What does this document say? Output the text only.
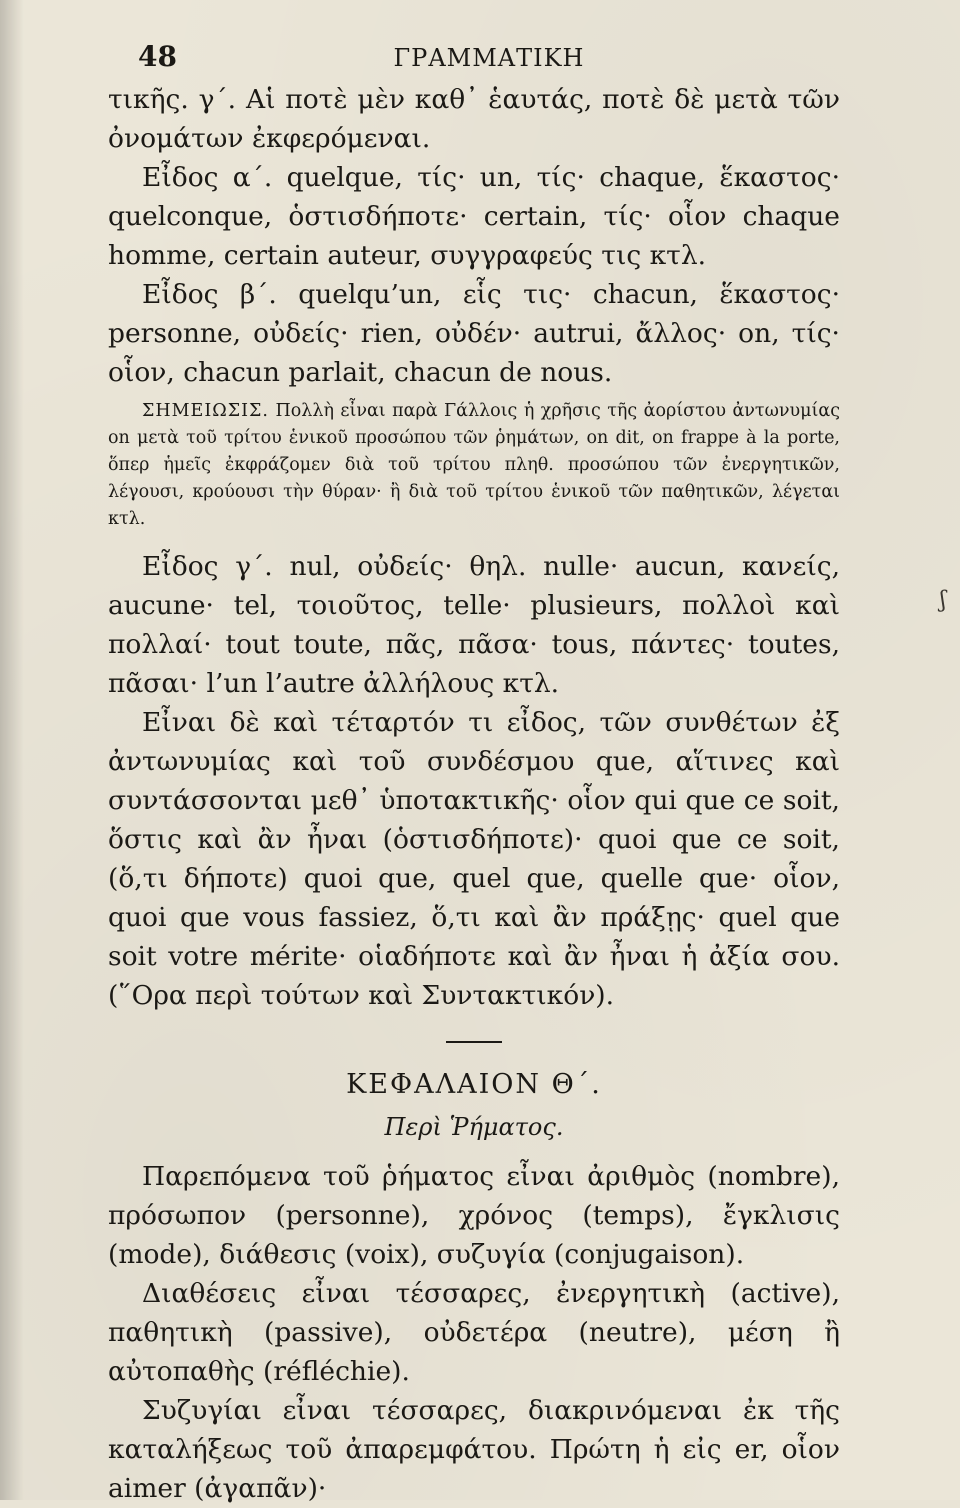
48	ΓΡΑΜΜΑΤΙΚΗ

τικῆς. γ΄. Αἱ ποτὲ μὲν καθ᾽ ἑαυτάς, ποτὲ δὲ μετὰ τῶν ὀνομάτων ἐκφερόμεναι.

Εἶδος α΄. quelque, τίς· un, τίς· chaque, ἕκαστος· quelconque, ὁστισδήποτε· certain, τίς· οἷον chaque homme, certain auteur, συγγραφεύς τις κτλ.

Εἶδος β΄. quelqu’un, εἷς τις· chacun, ἕκαστος· personne, οὐδείς· rien, οὐδέν· autrui, ἄλλος· on, τίς· οἷον, chacun parlait, chacun de nous.

ΣΗΜΕΙΩΣΙΣ. Πολλὴ εἶναι παρὰ Γάλλοις ἡ χρῆσις τῆς ἀορίστου ἀντωνυμίας on μετὰ τοῦ τρίτου ἑνικοῦ προσώπου τῶν ῥημάτων, on dit, on frappe à la porte, ὅπερ ἡμεῖς ἐκφράζομεν διὰ τοῦ τρίτου πληθ. προσώπου τῶν ἐνεργητικῶν, λέγουσι, κρούουσι τὴν θύραν· ἢ διὰ τοῦ τρίτου ἑνικοῦ τῶν παθητικῶν, λέγεται κτλ.

Εἶδος γ΄. nul, οὐδείς· θηλ. nulle· aucun, κανείς, aucune· tel, τοιοῦτος, telle· plusieurs, πολλοὶ καὶ πολλαί· tout toute, πᾶς, πᾶσα· tous, πάντες· toutes, πᾶσαι· l’un l’autre ἀλλήλους κτλ.

Εἶναι δὲ καὶ τέταρτόν τι εἶδος, τῶν συνθέτων ἐξ ἀντωνυμίας καὶ τοῦ συνδέσμου que, αἵτινες καὶ συντάσσονται μεθ᾽ ὑποτακτικῆς· οἷον qui que ce soit, ὅστις καὶ ἂν ἦναι (ὁστισδήποτε)· quoi que ce soit, (ὅ,τι δήποτε) quoi que, quel que, quelle que· οἷον, quoi que vous fassiez, ὅ,τι καὶ ἂν πράξῃς· quel que soit votre mérite· οἱαδήποτε καὶ ἂν ἦναι ἡ ἀξία σου. (῞Ορα περὶ τούτων καὶ Συντακτικόν).

ΚΕΦΑΛΑΙΟΝ Θ΄.
Περὶ Ῥήματος.

Παρεπόμενα τοῦ ῥήματος εἶναι ἀριθμὸς (nombre), πρόσωπον (personne), χρόνος (temps), ἔγκλισις (mode), διάθεσις (voix), συζυγία (conjugaison).

Διαθέσεις εἶναι τέσσαρες, ἐνεργητικὴ (active), παθητικὴ (passive), οὐδετέρα (neutre), μέση ἢ αὐτοπαθὴς (réfléchie).

Συζυγίαι εἶναι τέσσαρες, διακρινόμεναι ἐκ τῆς καταλήξεως τοῦ ἀπαρεμφάτου. Πρώτη ἡ εἰς er, οἷον aimer (ἀγαπᾶν)·

ʃ
